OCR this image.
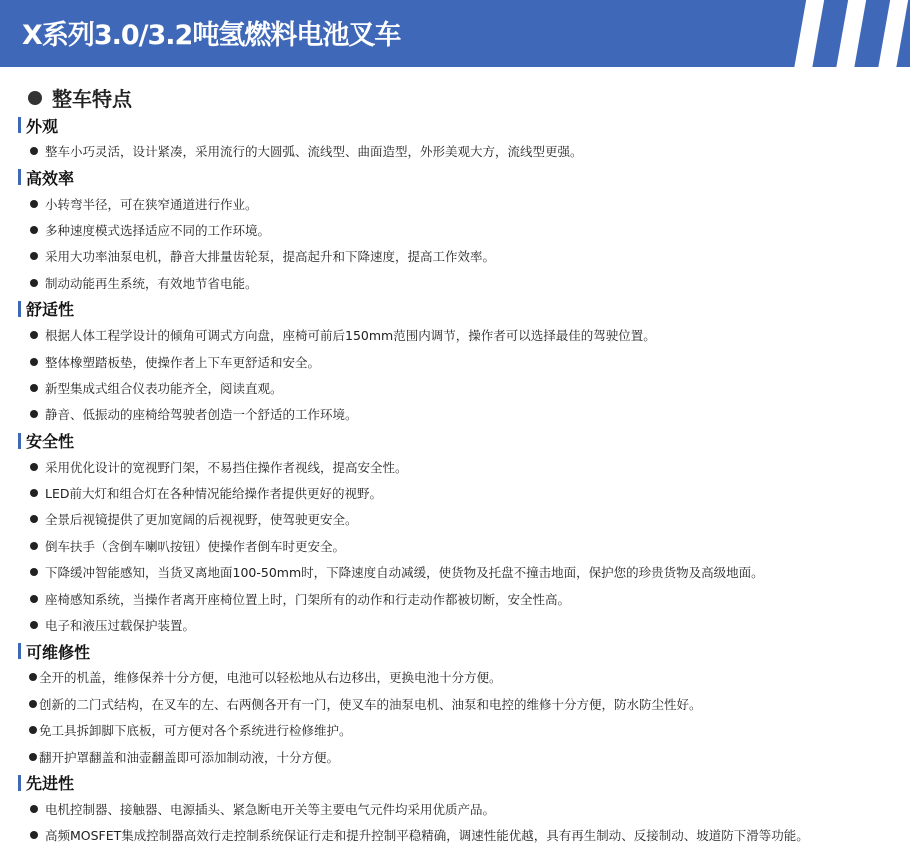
X系列3.0/3.2吨氢燃料电池叉车
整车特点
外观
整车小巧灵活，设计紧凑，采用流行的大圆弧、流线型、曲面造型，外形美观大方，流线型更强。
高效率
小转弯半径，可在狭窄通道进行作业。
多种速度模式选择适应不同的工作环境。
采用大功率油泵电机，静音大排量齿轮泵，提高起升和下降速度，提高工作效率。
制动动能再生系统，有效地节省电能。
舒适性
根据人体工程学设计的倾角可调式方向盘，座椅可前后150mm范围内调节，操作者可以选择最佳的驾驶位置。
整体橡塑踏板垫，使操作者上下车更舒适和安全。
新型集成式组合仪表功能齐全，阅读直观。
静音、低振动的座椅给驾驶者创造一个舒适的工作环境。
安全性
采用优化设计的宽视野门架，不易挡住操作者视线，提高安全性。
LED前大灯和组合灯在各种情况能给操作者提供更好的视野。
全景后视镜提供了更加宽阔的后视视野，使驾驶更安全。
倒车扶手（含倒车喇叭按钮）使操作者倒车时更安全。
下降缓冲智能感知，当货叉离地面100-50mm时，下降速度自动减缓，使货物及托盘不撞击地面，保护您的珍贵货物及高级地面。
座椅感知系统，当操作者离开座椅位置上时，门架所有的动作和行走动作都被切断，安全性高。
电子和液压过载保护装置。
可维修性
全开的机盖，维修保养十分方便，电池可以轻松地从右边移出，更换电池十分方便。
创新的二门式结构，在叉车的左、右两侧各开有一门，使叉车的油泵电机、油泵和电控的维修十分方便，防水防尘性好。
免工具拆卸脚下底板，可方便对各个系统进行检修维护。
翻开护罩翻盖和油壶翻盖即可添加制动液，十分方便。
先进性
电机控制器、接触器、电源插头、紧急断电开关等主要电气元件均采用优质产品。
高频MOSFET集成控制器高效行走控制系统保证行走和提升控制平稳精确，调速性能优越，具有再生制动、反接制动、坡道防下滑等功能。
